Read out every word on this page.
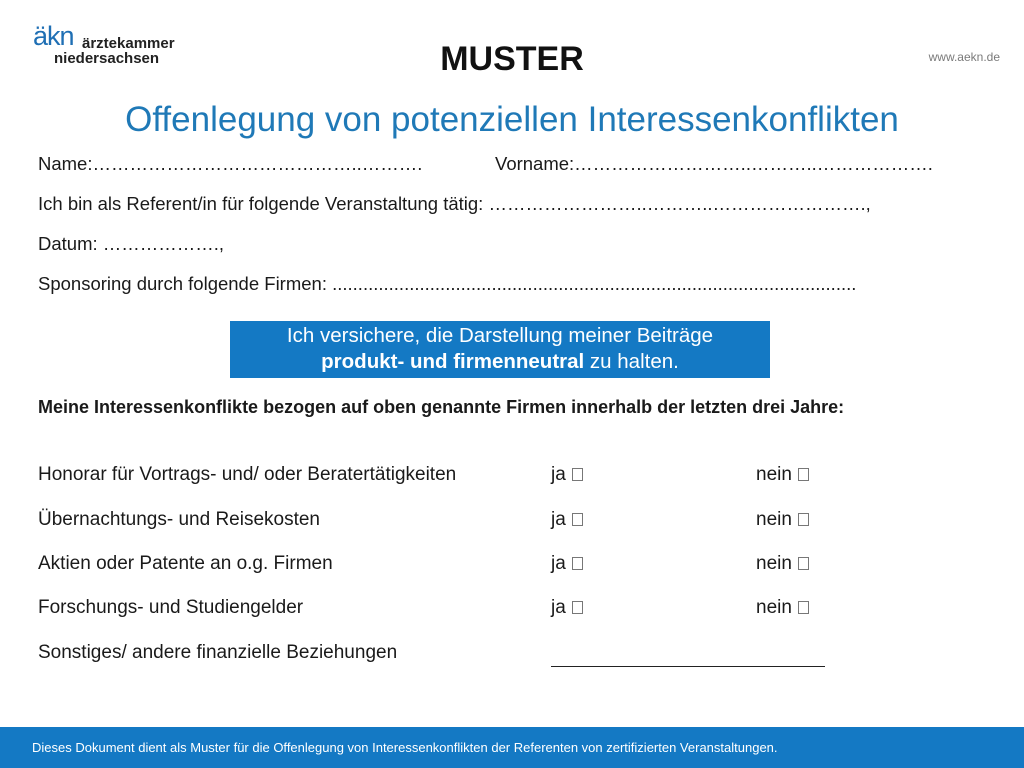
äkn ärztekammer
niedersachsen	MUSTER	www.aekn.de
Offenlegung von potenziellen Interessenkonflikten
Name:……………………………………..……….	Vorname:………………………..………..……………….
Ich bin als Referent/in für folgende Veranstaltung tätig: ……………………..………..…………………….,
Datum: ……………….,
Sponsoring durch folgende Firmen: ......................................................................................................
Ich versichere, die Darstellung meiner Beiträge
produkt- und firmenneutral zu halten.
Meine Interessenkonflikte bezogen auf oben genannte Firmen innerhalb der letzten drei Jahre:
Honorar für Vortrags- und/ oder Beratertätigkeiten	ja	nein
Übernachtungs- und Reisekosten	ja	nein
Aktien oder Patente an o.g. Firmen	ja	nein
Forschungs- und Studiengelder	ja	nein
Sonstiges/ andere finanzielle Beziehungen
Dieses Dokument dient als Muster für die Offenlegung von Interessenkonflikten der Referenten von zertifizierten Veranstaltungen.
